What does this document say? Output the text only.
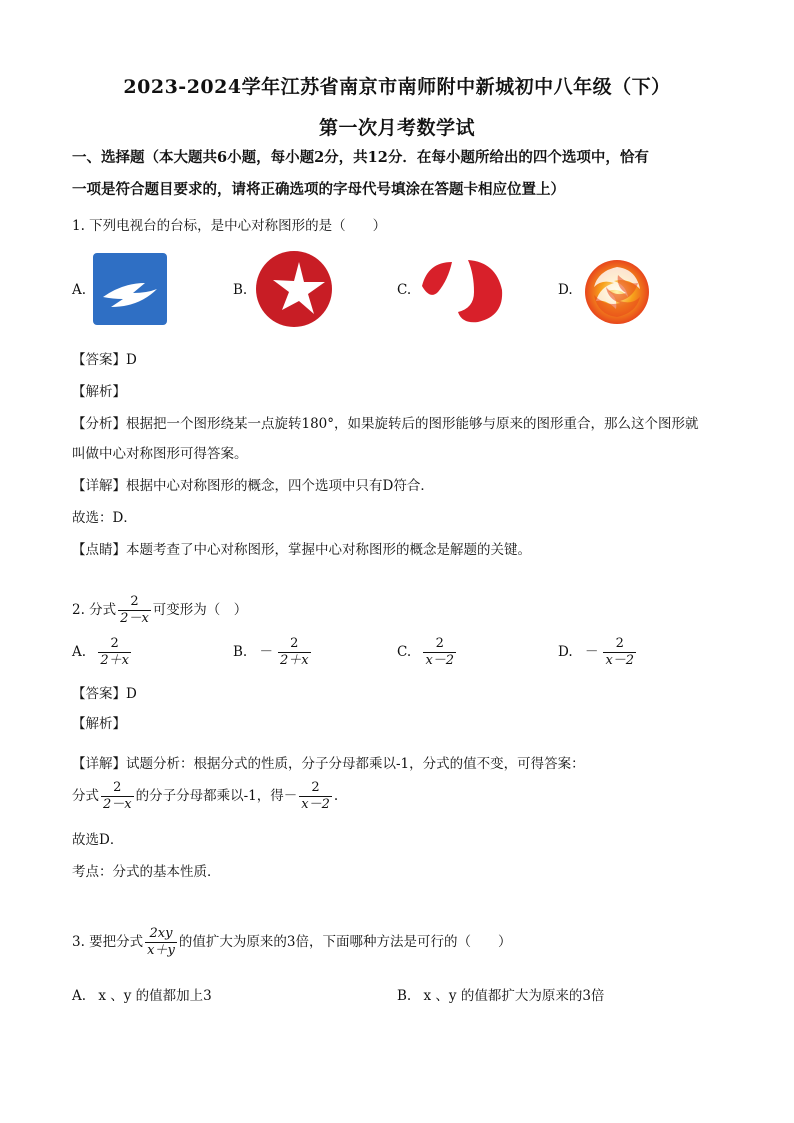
2023-2024学年江苏省南京市南师附中新城初中八年级（下）
第一次月考数学试
一、选择题（本大题共6小题，每小题2分，共12分．在每小题所给出的四个选项中，恰有
一项是符合题目要求的，请将正确选项的字母代号填涂在答题卡相应位置上）
1. 下列电视台的台标，是中心对称图形的是（　　）
A.	B.	C.	D.
【答案】D
【解析】
【分析】根据把一个图形绕某一点旋转180°，如果旋转后的图形能够与原来的图形重合，那么这个图形就
叫做中心对称图形可得答案。
【详解】根据中心对称图形的概念，四个选项中只有D符合．
故选：D．
【点睛】本题考查了中心对称图形，掌握中心对称图形的概念是解题的关键。
2. 分式 $\frac{2}{2-x}$ 可变形为（　）
A. $\frac{2}{2+x}$	B. － $\frac{2}{2+x}$	C. $\frac{2}{x-2}$	D. － $\frac{2}{x-2}$
【答案】D
【解析】
【详解】试题分析：根据分式的性质，分子分母都乘以-1，分式的值不变，可得答案：
分式 $\frac{2}{2-x}$ 的分子分母都乘以-1，得－ $\frac{2}{x-2}$ .
故选D．
考点：分式的基本性质．
3. 要把分式 $\frac{2xy}{x+y}$ 的值扩大为原来的3倍，下面哪种方法是可行的（　　）
A. x 、y 的值都加上3	B. x 、y 的值都扩大为原来的3倍
